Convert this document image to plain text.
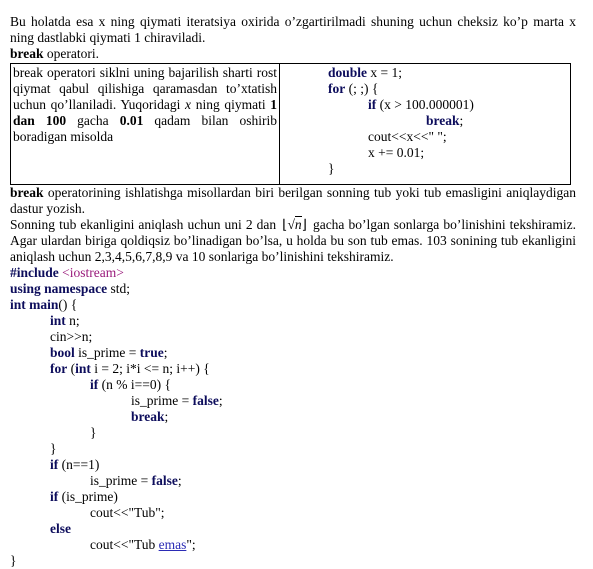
Bu holatda esa x ning qiymati iteratsiya oxirida o’zgartirilmadi shuning uchun cheksiz ko’p marta x ning dastlabki qiymati 1 chiraviladi.

break operatori.

break operatori siklni uning bajarilish sharti rost qiymat qabul qilishiga qaramasdan to’xtatish uchun qo’llaniladi. Yuqoridagi x ning qiymati 1 dan 100 gacha 0.01 qadam bilan oshirib boradigan misolda	
double x = 1;
for (; ;) {
if (x > 100.000001)
break;
cout<<x<<" ";
x += 0.01;
}

break operatorining ishlatishga misollardan biri berilgan sonning tub yoki tub emasligini aniqlaydigan dastur yozish.

Sonning tub ekanligini aniqlash uchun uni 2 dan ⌊√n⌋ gacha bo’lgan sonlarga bo’linishini tekshiramiz. Agar ulardan biriga qoldiqsiz bo’linadigan bo’lsa, u holda bu son tub emas. 103 sonining tub ekanligini aniqlash uchun 2,3,4,5,6,7,8,9 va 10 sonlariga bo’linishini tekshiramiz.

#include <iostream>
using namespace std;
int main() {
int n;
cin>>n;
bool is_prime = true;
for (int i = 2; i*i <= n; i++) {
if (n % i==0) {
is_prime = false;
break;
}
}
if (n==1)
is_prime = false;
if (is_prime)
cout<<"Tub";
else
cout<<"Tub emas";
}
